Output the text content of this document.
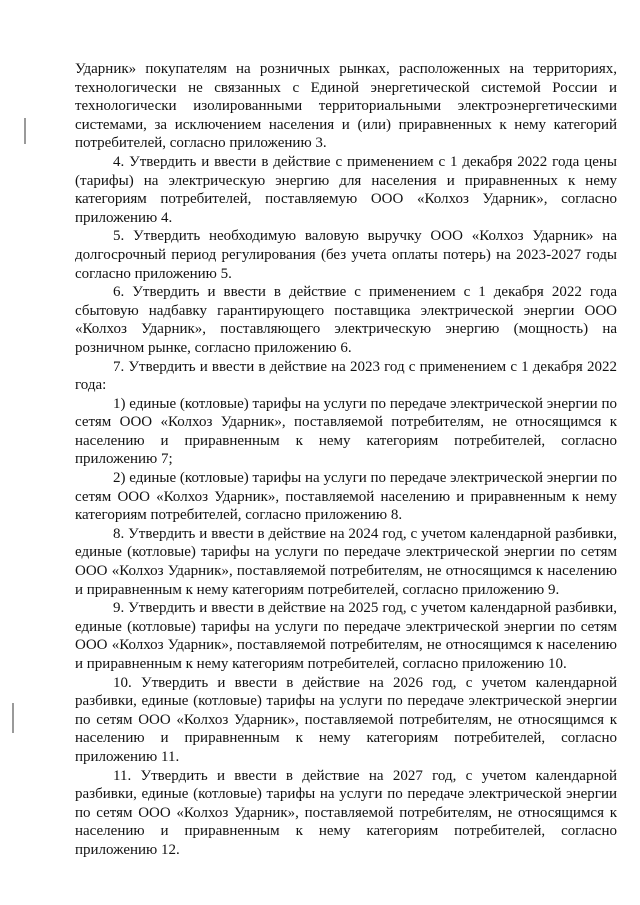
Ударник» покупателям на розничных рынках, расположенных на территориях, технологически не связанных с Единой энергетической системой России и технологически изолированными территориальными электроэнергетическими системами, за исключением населения и (или) приравненных к нему категорий потребителей, согласно приложению 3.

4. Утвердить и ввести в действие с применением с 1 декабря 2022 года цены (тарифы) на электрическую энергию для населения и приравненных к нему категориям потребителей, поставляемую ООО «Колхоз Ударник», согласно приложению 4.

5. Утвердить необходимую валовую выручку ООО «Колхоз Ударник» на долгосрочный период регулирования (без учета оплаты потерь) на 2023-2027 годы согласно приложению 5.

6. Утвердить и ввести в действие с применением с 1 декабря 2022 года сбытовую надбавку гарантирующего поставщика электрической энергии ООО «Колхоз Ударник», поставляющего электрическую энергию (мощность) на розничном рынке, согласно приложению 6.

7. Утвердить и ввести в действие на 2023 год с применением с 1 декабря 2022 года:

1) единые (котловые) тарифы на услуги по передаче электрической энергии по сетям ООО «Колхоз Ударник», поставляемой потребителям, не относящимся к населению и приравненным к нему категориям потребителей, согласно приложению 7;

2) единые (котловые) тарифы на услуги по передаче электрической энергии по сетям ООО «Колхоз Ударник», поставляемой населению и приравненным к нему категориям потребителей, согласно приложению 8.

8. Утвердить и ввести в действие на 2024 год, с учетом календарной разбивки, единые (котловые) тарифы на услуги по передаче электрической энергии по сетям ООО «Колхоз Ударник», поставляемой потребителям, не относящимся к населению и приравненным к нему категориям потребителей, согласно приложению 9.

9. Утвердить и ввести в действие на 2025 год, с учетом календарной разбивки, единые (котловые) тарифы на услуги по передаче электрической энергии по сетям ООО «Колхоз Ударник», поставляемой потребителям, не относящимся к населению и приравненным к нему категориям потребителей, согласно приложению 10.

10. Утвердить и ввести в действие на 2026 год, с учетом календарной разбивки, единые (котловые) тарифы на услуги по передаче электрической энергии по сетям ООО «Колхоз Ударник», поставляемой потребителям, не относящимся к населению и приравненным к нему категориям потребителей, согласно приложению 11.

11. Утвердить и ввести в действие на 2027 год, с учетом календарной разбивки, единые (котловые) тарифы на услуги по передаче электрической энергии по сетям ООО «Колхоз Ударник», поставляемой потребителям, не относящимся к населению и приравненным к нему категориям потребителей, согласно приложению 12.
